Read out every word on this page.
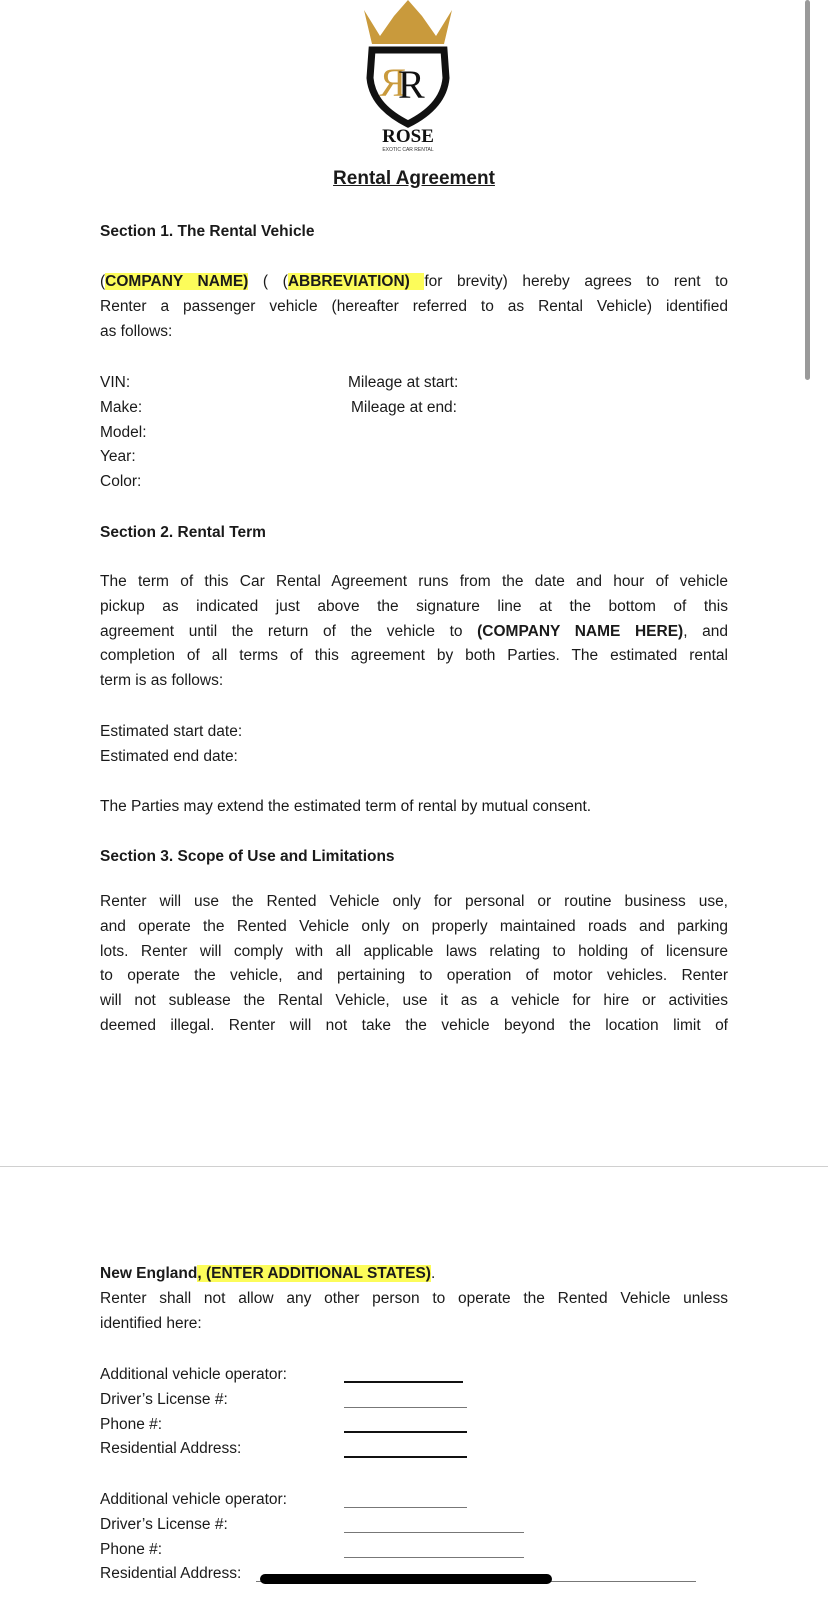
R
R
ROSE
EXOTIC CAR RENTAL
Rental Agreement
Section 1. The Rental Vehicle
(COMPANY NAME) ( (ABBREVIATION) for brevity) hereby agrees to rent to
Renter a passenger vehicle (hereafter referred to as Rental Vehicle) identified
as follows:
VIN:	Mileage at start:
Make:	Mileage at end:
Model:
Year:
Color:
Section 2. Rental Term
The term of this Car Rental Agreement runs from the date and hour of vehicle
pickup as indicated just above the signature line at the bottom of this
agreement until the return of the vehicle to (COMPANY NAME HERE), and
completion of all terms of this agreement by both Parties. The estimated rental
term is as follows:
Estimated start date:
Estimated end date:
The Parties may extend the estimated term of rental by mutual consent.
Section 3. Scope of Use and Limitations
Renter will use the Rented Vehicle only for personal or routine business use,
and operate the Rented Vehicle only on properly maintained roads and parking
lots. Renter will comply with all applicable laws relating to holding of licensure
to operate the vehicle, and pertaining to operation of motor vehicles. Renter
will not sublease the Rental Vehicle, use it as a vehicle for hire or activities
deemed illegal. Renter will not take the vehicle beyond the location limit of
New England, (ENTER ADDITIONAL STATES).
Renter shall not allow any other person to operate the Rented Vehicle unless
identified here:
Additional vehicle operator:
Driver’s License #:
Phone #:
Residential Address:
Additional vehicle operator:
Driver’s License #:
Phone #:
Residential Address:
